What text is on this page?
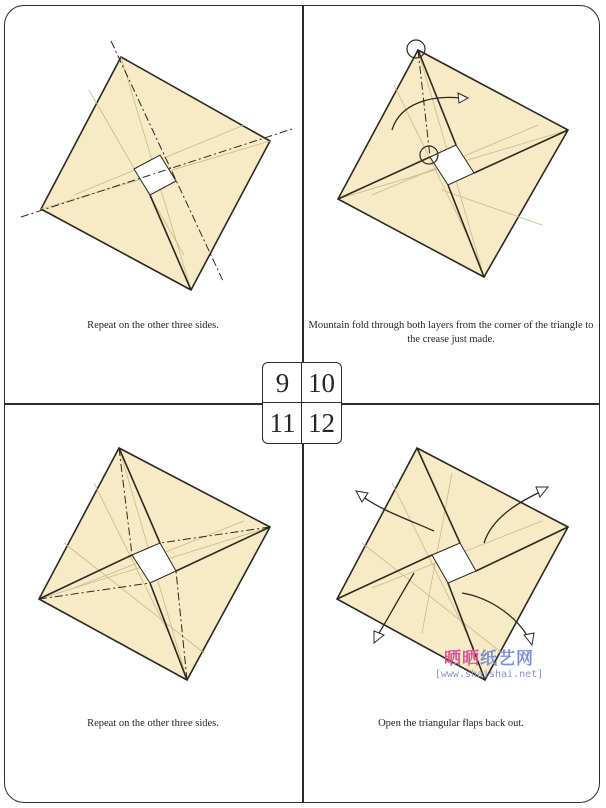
Repeat on the other three sides.	Mountain fold through both layers from the corner of the triangle to the crease just made.
Repeat on the other three sides.	Open the triangular flaps back out.
9 10
11 12
晒晒纸艺网
[www.shaishai.net]
